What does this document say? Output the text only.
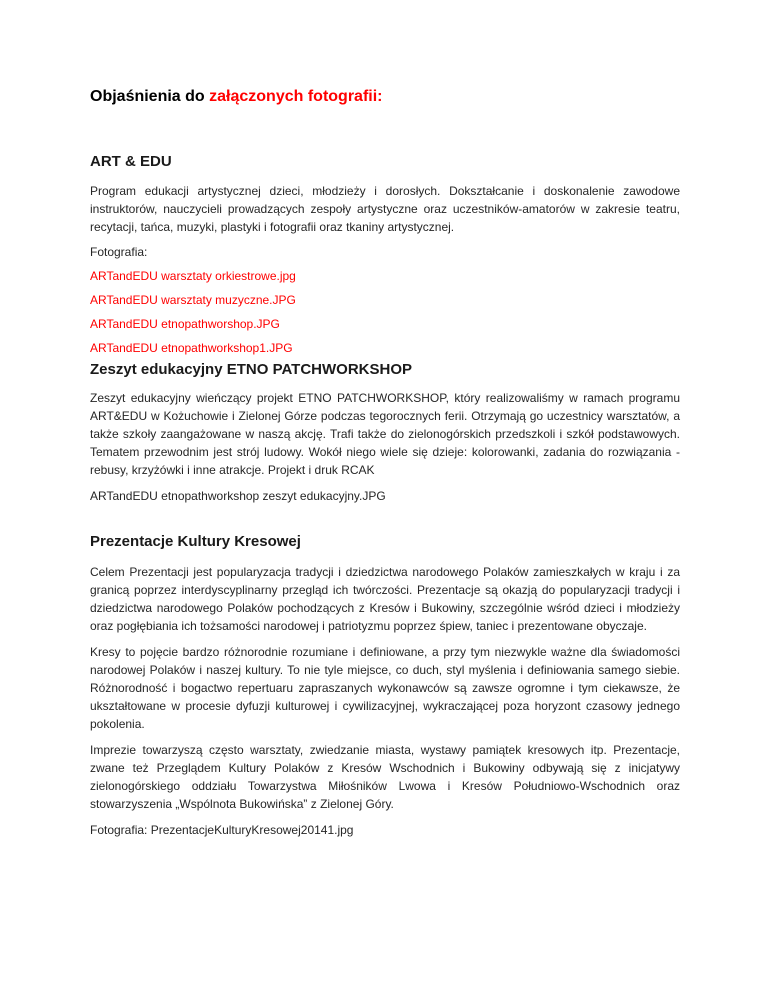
Objaśnienia do załączonych fotografii:
ART & EDU

Program edukacji artystycznej dzieci, młodzieży i dorosłych. Dokształcanie i doskonalenie zawodowe instruktorów, nauczycieli prowadzących zespoły artystyczne oraz uczestników-amatorów w zakresie teatru, recytacji, tańca, muzyki, plastyki i fotografii oraz tkaniny artystycznej.

Fotografia:

ARTandEDU warsztaty orkiestrowe.jpg
ARTandEDU warsztaty muzyczne.JPG
ARTandEDU etnopathworshop.JPG
ARTandEDU etnopathworkshop1.JPG
Zeszyt edukacyjny ETNO PATCHWORKSHOP

Zeszyt edukacyjny wieńczący projekt ETNO PATCHWORKSHOP, który realizowaliśmy w ramach programu ART&EDU w Kożuchowie i Zielonej Górze podczas tegorocznych ferii. Otrzymają go uczestnicy warsztatów, a także szkoły zaangażowane w naszą akcję. Trafi także do zielonogórskich przedszkoli i szkół podstawowych. Tematem przewodnim jest strój ludowy. Wokół niego wiele się dzieje: kolorowanki, zadania do rozwiązania - rebusy, krzyżówki i inne atrakcje. Projekt i druk RCAK

ARTandEDU etnopathworkshop zeszyt edukacyjny.JPG

Prezentacje Kultury Kresowej

Celem Prezentacji jest popularyzacja tradycji i dziedzictwa narodowego Polaków zamieszkałych w kraju i za granicą poprzez interdyscyplinarny przegląd ich twórczości. Prezentacje są okazją do popularyzacji tradycji i dziedzictwa narodowego Polaków pochodzących z Kresów i Bukowiny, szczególnie wśród dzieci i młodzieży oraz pogłębiania ich tożsamości narodowej i patriotyzmu poprzez śpiew, taniec i prezentowane obyczaje.

Kresy to pojęcie bardzo różnorodnie rozumiane i definiowane, a przy tym niezwykle ważne dla świadomości narodowej Polaków i naszej kultury. To nie tyle miejsce, co duch, styl myślenia i definiowania samego siebie. Różnorodność i bogactwo repertuaru zapraszanych wykonawców są zawsze ogromne i tym ciekawsze, że ukształtowane w procesie dyfuzji kulturowej i cywilizacyjnej, wykraczającej poza horyzont czasowy jednego pokolenia.

Imprezie towarzyszą często warsztaty, zwiedzanie miasta, wystawy pamiątek kresowych itp. Prezentacje, zwane też Przeglądem Kultury Polaków z Kresów Wschodnich i Bukowiny odbywają się z inicjatywy zielonogórskiego oddziału Towarzystwa Miłośników Lwowa i Kresów Południowo-Wschodnich oraz stowarzyszenia „Wspólnota Bukowińska” z Zielonej Góry.

Fotografia: PrezentacjeKulturyKresowej20141.jpg
